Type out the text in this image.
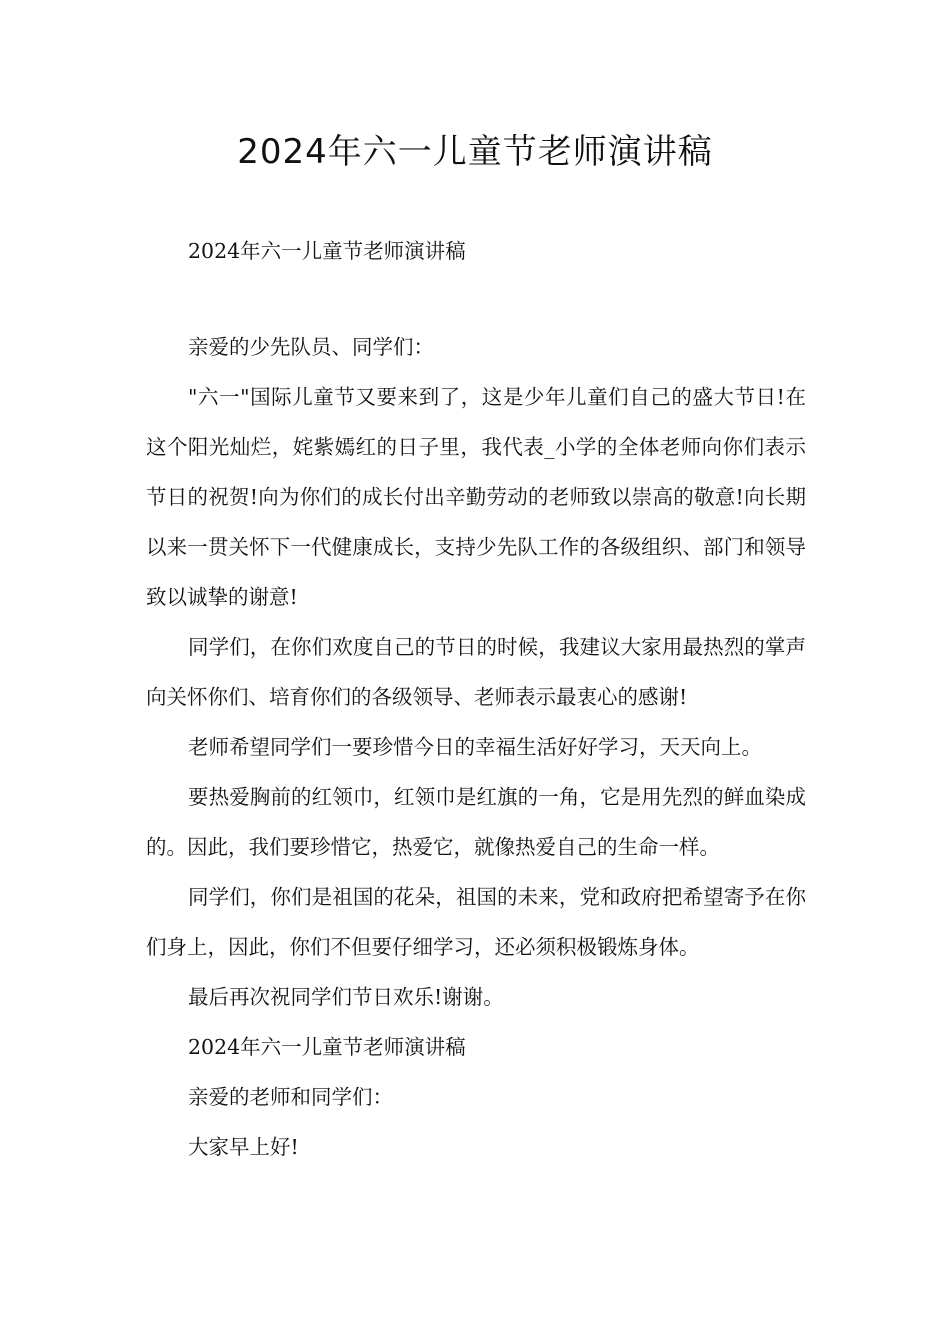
2024年六一儿童节老师演讲稿

2024年六一儿童节老师演讲稿

亲爱的少先队员、同学们：

"六一"国际儿童节又要来到了，这是少年儿童们自己的盛大节日!在这个阳光灿烂，姹紫嫣红的日子里，我代表_小学的全体老师向你们表示节日的祝贺!向为你们的成长付出辛勤劳动的老师致以崇高的敬意!向长期以来一贯关怀下一代健康成长，支持少先队工作的各级组织、部门和领导致以诚挚的谢意!

同学们，在你们欢度自己的节日的时候，我建议大家用最热烈的掌声向关怀你们、培育你们的各级领导、老师表示最衷心的感谢!

老师希望同学们一要珍惜今日的幸福生活好好学习，天天向上。

要热爱胸前的红领巾，红领巾是红旗的一角，它是用先烈的鲜血染成的。因此，我们要珍惜它，热爱它，就像热爱自己的生命一样。

同学们，你们是祖国的花朵，祖国的未来，党和政府把希望寄予在你们身上，因此，你们不但要仔细学习，还必须积极锻炼身体。

最后再次祝同学们节日欢乐!谢谢。

2024年六一儿童节老师演讲稿

亲爱的老师和同学们：

大家早上好!
